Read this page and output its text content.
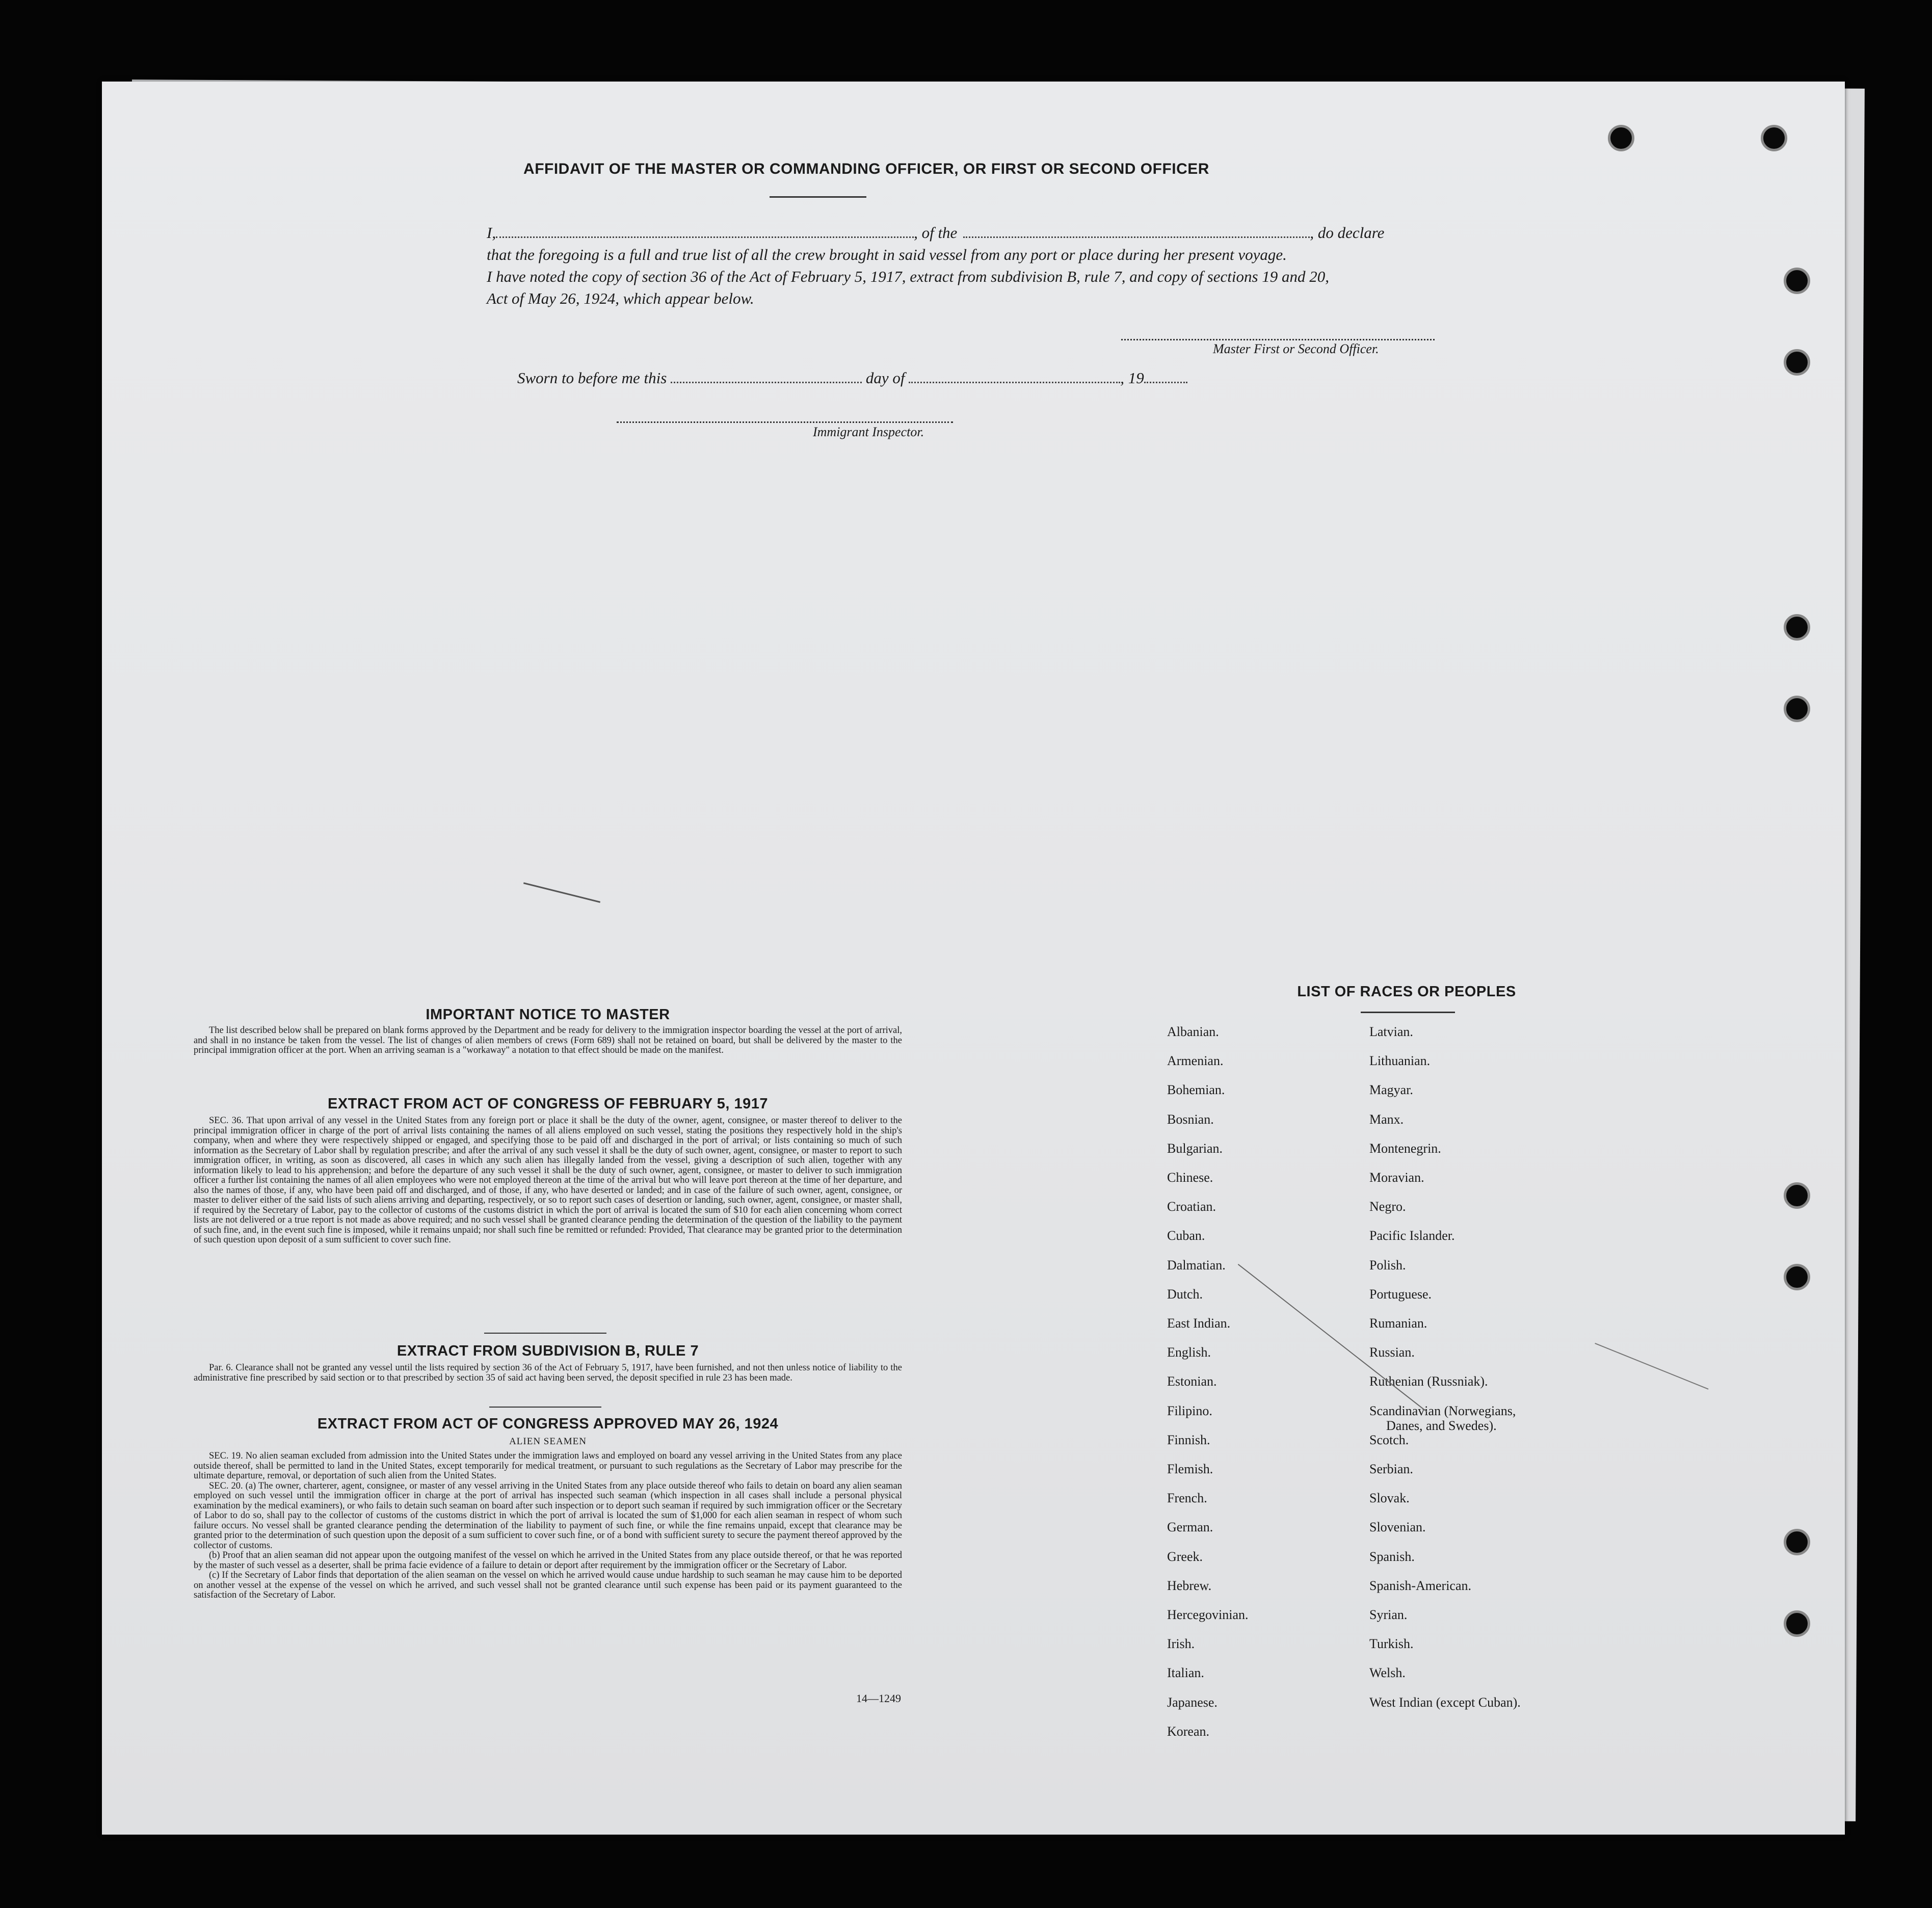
AFFIDAVIT OF THE MASTER OR COMMANDING OFFICER, OR FIRST OR SECOND OFFICER
I,	, of the	, do declare
that the foregoing is a full and true list of all the crew brought in said vessel from any port or place during her present voyage.
I have noted the copy of section 36 of the Act of February 5, 1917, extract from subdivision B, rule 7, and copy of sections 19 and 20,
Act of May 26, 1924, which appear below.
Master First or Second Officer.
Sworn to before me this	day of	, 19
Immigrant Inspector.
IMPORTANT NOTICE TO MASTER

The list described below shall be prepared on blank forms approved by the Department and be ready for delivery to the immigration inspector boarding the vessel at the port of arrival, and shall in no instance be taken from the vessel. The list of changes of alien members of crews (Form 689) shall not be retained on board, but shall be delivered by the master to the principal immigration officer at the port. When an arriving seaman is a "workaway" a notation to that effect should be made on the manifest.

EXTRACT FROM ACT OF CONGRESS OF FEBRUARY 5, 1917

SEC. 36. That upon arrival of any vessel in the United States from any foreign port or place it shall be the duty of the owner, agent, consignee, or master thereof to deliver to the principal immigration officer in charge of the port of arrival lists containing the names of all aliens employed on such vessel, stating the positions they respectively hold in the ship's company, when and where they were respectively shipped or engaged, and specifying those to be paid off and discharged in the port of arrival; or lists containing so much of such information as the Secretary of Labor shall by regulation prescribe; and after the arrival of any such vessel it shall be the duty of such owner, agent, consignee, or master to report to such immigration officer, in writing, as soon as discovered, all cases in which any such alien has illegally landed from the vessel, giving a description of such alien, together with any information likely to lead to his apprehension; and before the departure of any such vessel it shall be the duty of such owner, agent, consignee, or master to deliver to such immigration officer a further list containing the names of all alien employees who were not employed thereon at the time of the arrival but who will leave port thereon at the time of her departure, and also the names of those, if any, who have been paid off and discharged, and of those, if any, who have deserted or landed; and in case of the failure of such owner, agent, consignee, or master to deliver either of the said lists of such aliens arriving and departing, respectively, or so to report such cases of desertion or landing, such owner, agent, consignee, or master shall, if required by the Secretary of Labor, pay to the collector of customs of the customs district in which the port of arrival is located the sum of $10 for each alien concerning whom correct lists are not delivered or a true report is not made as above required; and no such vessel shall be granted clearance pending the determination of the question of the liability to the payment of such fine, and, in the event such fine is imposed, while it remains unpaid; nor shall such fine be remitted or refunded: Provided, That clearance may be granted prior to the determination of such question upon deposit of a sum sufficient to cover such fine.

EXTRACT FROM SUBDIVISION B, RULE 7

Par. 6. Clearance shall not be granted any vessel until the lists required by section 36 of the Act of February 5, 1917, have been furnished, and not then unless notice of liability to the administrative fine prescribed by said section or to that prescribed by section 35 of said act having been served, the deposit specified in rule 23 has been made.

EXTRACT FROM ACT OF CONGRESS APPROVED MAY 26, 1924
ALIEN SEAMEN

SEC. 19. No alien seaman excluded from admission into the United States under the immigration laws and employed on board any vessel arriving in the United States from any place outside thereof, shall be permitted to land in the United States, except temporarily for medical treatment, or pursuant to such regulations as the Secretary of Labor may prescribe for the ultimate departure, removal, or deportation of such alien from the United States.

SEC. 20. (a) The owner, charterer, agent, consignee, or master of any vessel arriving in the United States from any place outside thereof who fails to detain on board any alien seaman employed on such vessel until the immigration officer in charge at the port of arrival has inspected such seaman (which inspection in all cases shall include a personal physical examination by the medical examiners), or who fails to detain such seaman on board after such inspection or to deport such seaman if required by such immigration officer or the Secretary of Labor to do so, shall pay to the collector of customs of the customs district in which the port of arrival is located the sum of $1,000 for each alien seaman in respect of whom such failure occurs. No vessel shall be granted clearance pending the determination of the liability to payment of such fine, or while the fine remains unpaid, except that clearance may be granted prior to the determination of such question upon the deposit of a sum sufficient to cover such fine, or of a bond with sufficient surety to secure the payment thereof approved by the collector of customs.

(b) Proof that an alien seaman did not appear upon the outgoing manifest of the vessel on which he arrived in the United States from any place outside thereof, or that he was reported by the master of such vessel as a deserter, shall be prima facie evidence of a failure to detain or deport after requirement by the immigration officer or the Secretary of Labor.

(c) If the Secretary of Labor finds that deportation of the alien seaman on the vessel on which he arrived would cause undue hardship to such seaman he may cause him to be deported on another vessel at the expense of the vessel on which he arrived, and such vessel shall not be granted clearance until such expense has been paid or its payment guaranteed to the satisfaction of the Secretary of Labor.

14—1249
LIST OF RACES OR PEOPLES
Albanian.
Armenian.
Bohemian.
Bosnian.
Bulgarian.
Chinese.
Croatian.
Cuban.
Dalmatian.
Dutch.
East Indian.
English.
Estonian.
Filipino.
Finnish.
Flemish.
French.
German.
Greek.
Hebrew.
Hercegovinian.
Irish.
Italian.
Japanese.
Korean.
Latvian.
Lithuanian.
Magyar.
Manx.
Montenegrin.
Moravian.
Negro.
Pacific Islander.
Polish.
Portuguese.
Rumanian.
Russian.
Ruthenian (Russniak).
Scandinavian (Norwegians,
Danes, and Swedes).
Scotch.
Serbian.
Slovak.
Slovenian.
Spanish.
Spanish-American.
Syrian.
Turkish.
Welsh.
West Indian (except Cuban).
